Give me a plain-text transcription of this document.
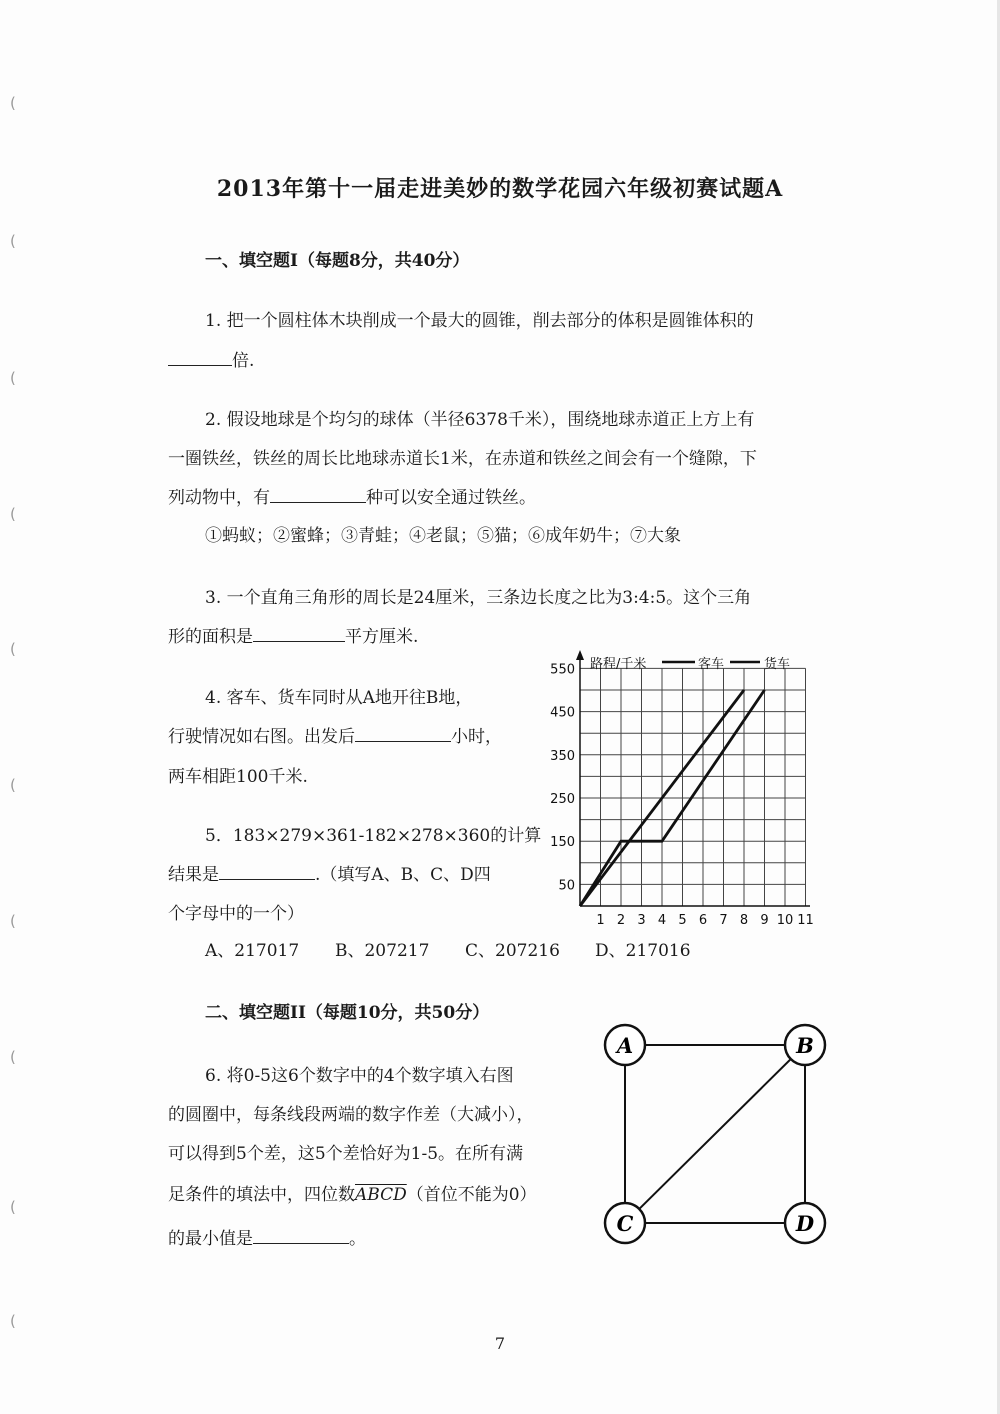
(
(
(
(
(
(
(
(
(
(
2013年第十一届走进美妙的数学花园六年级初赛试题A
一、填空题I（每题8分，共40分）
1. 把一个圆柱体木块削成一个最大的圆锥，削去部分的体积是圆锥体积的
倍.
2. 假设地球是个均匀的球体（半径6378千米），围绕地球赤道正上方上有
一圈铁丝，铁丝的周长比地球赤道长1米，在赤道和铁丝之间会有一个缝隙，下
列动物中，有	种可以安全通过铁丝。
①蚂蚁；②蜜蜂；③青蛙；④老鼠；⑤猫；⑥成年奶牛；⑦大象
3. 一个直角三角形的周长是24厘米，三条边长度之比为3:4:5。这个三角
形的面积是	平方厘米.
4. 客车、货车同时从A地开往B地，
行驶情况如右图。出发后	小时，
两车相距100千米.
5．183×279×361-182×278×360的计算
结果是	.（填写A、B、C、D四
个字母中的一个）
A、217017 B、207217 C、207216 D、217016
二、填空题II（每题10分，共50分）
6. 将0-5这6个数字中的4个数字填入右图
的圆圈中，每条线段两端的数字作差（大减小），
可以得到5个差，这5个差恰好为1-5。在所有满
足条件的填法中，四位数ABCD（首位不能为0）
的最小值是	。
50
150
250
350
450
550
1 2 3 4 5 6 7 8 9 10 11
路程/千米	客车	货车
A	B
C	D
7
